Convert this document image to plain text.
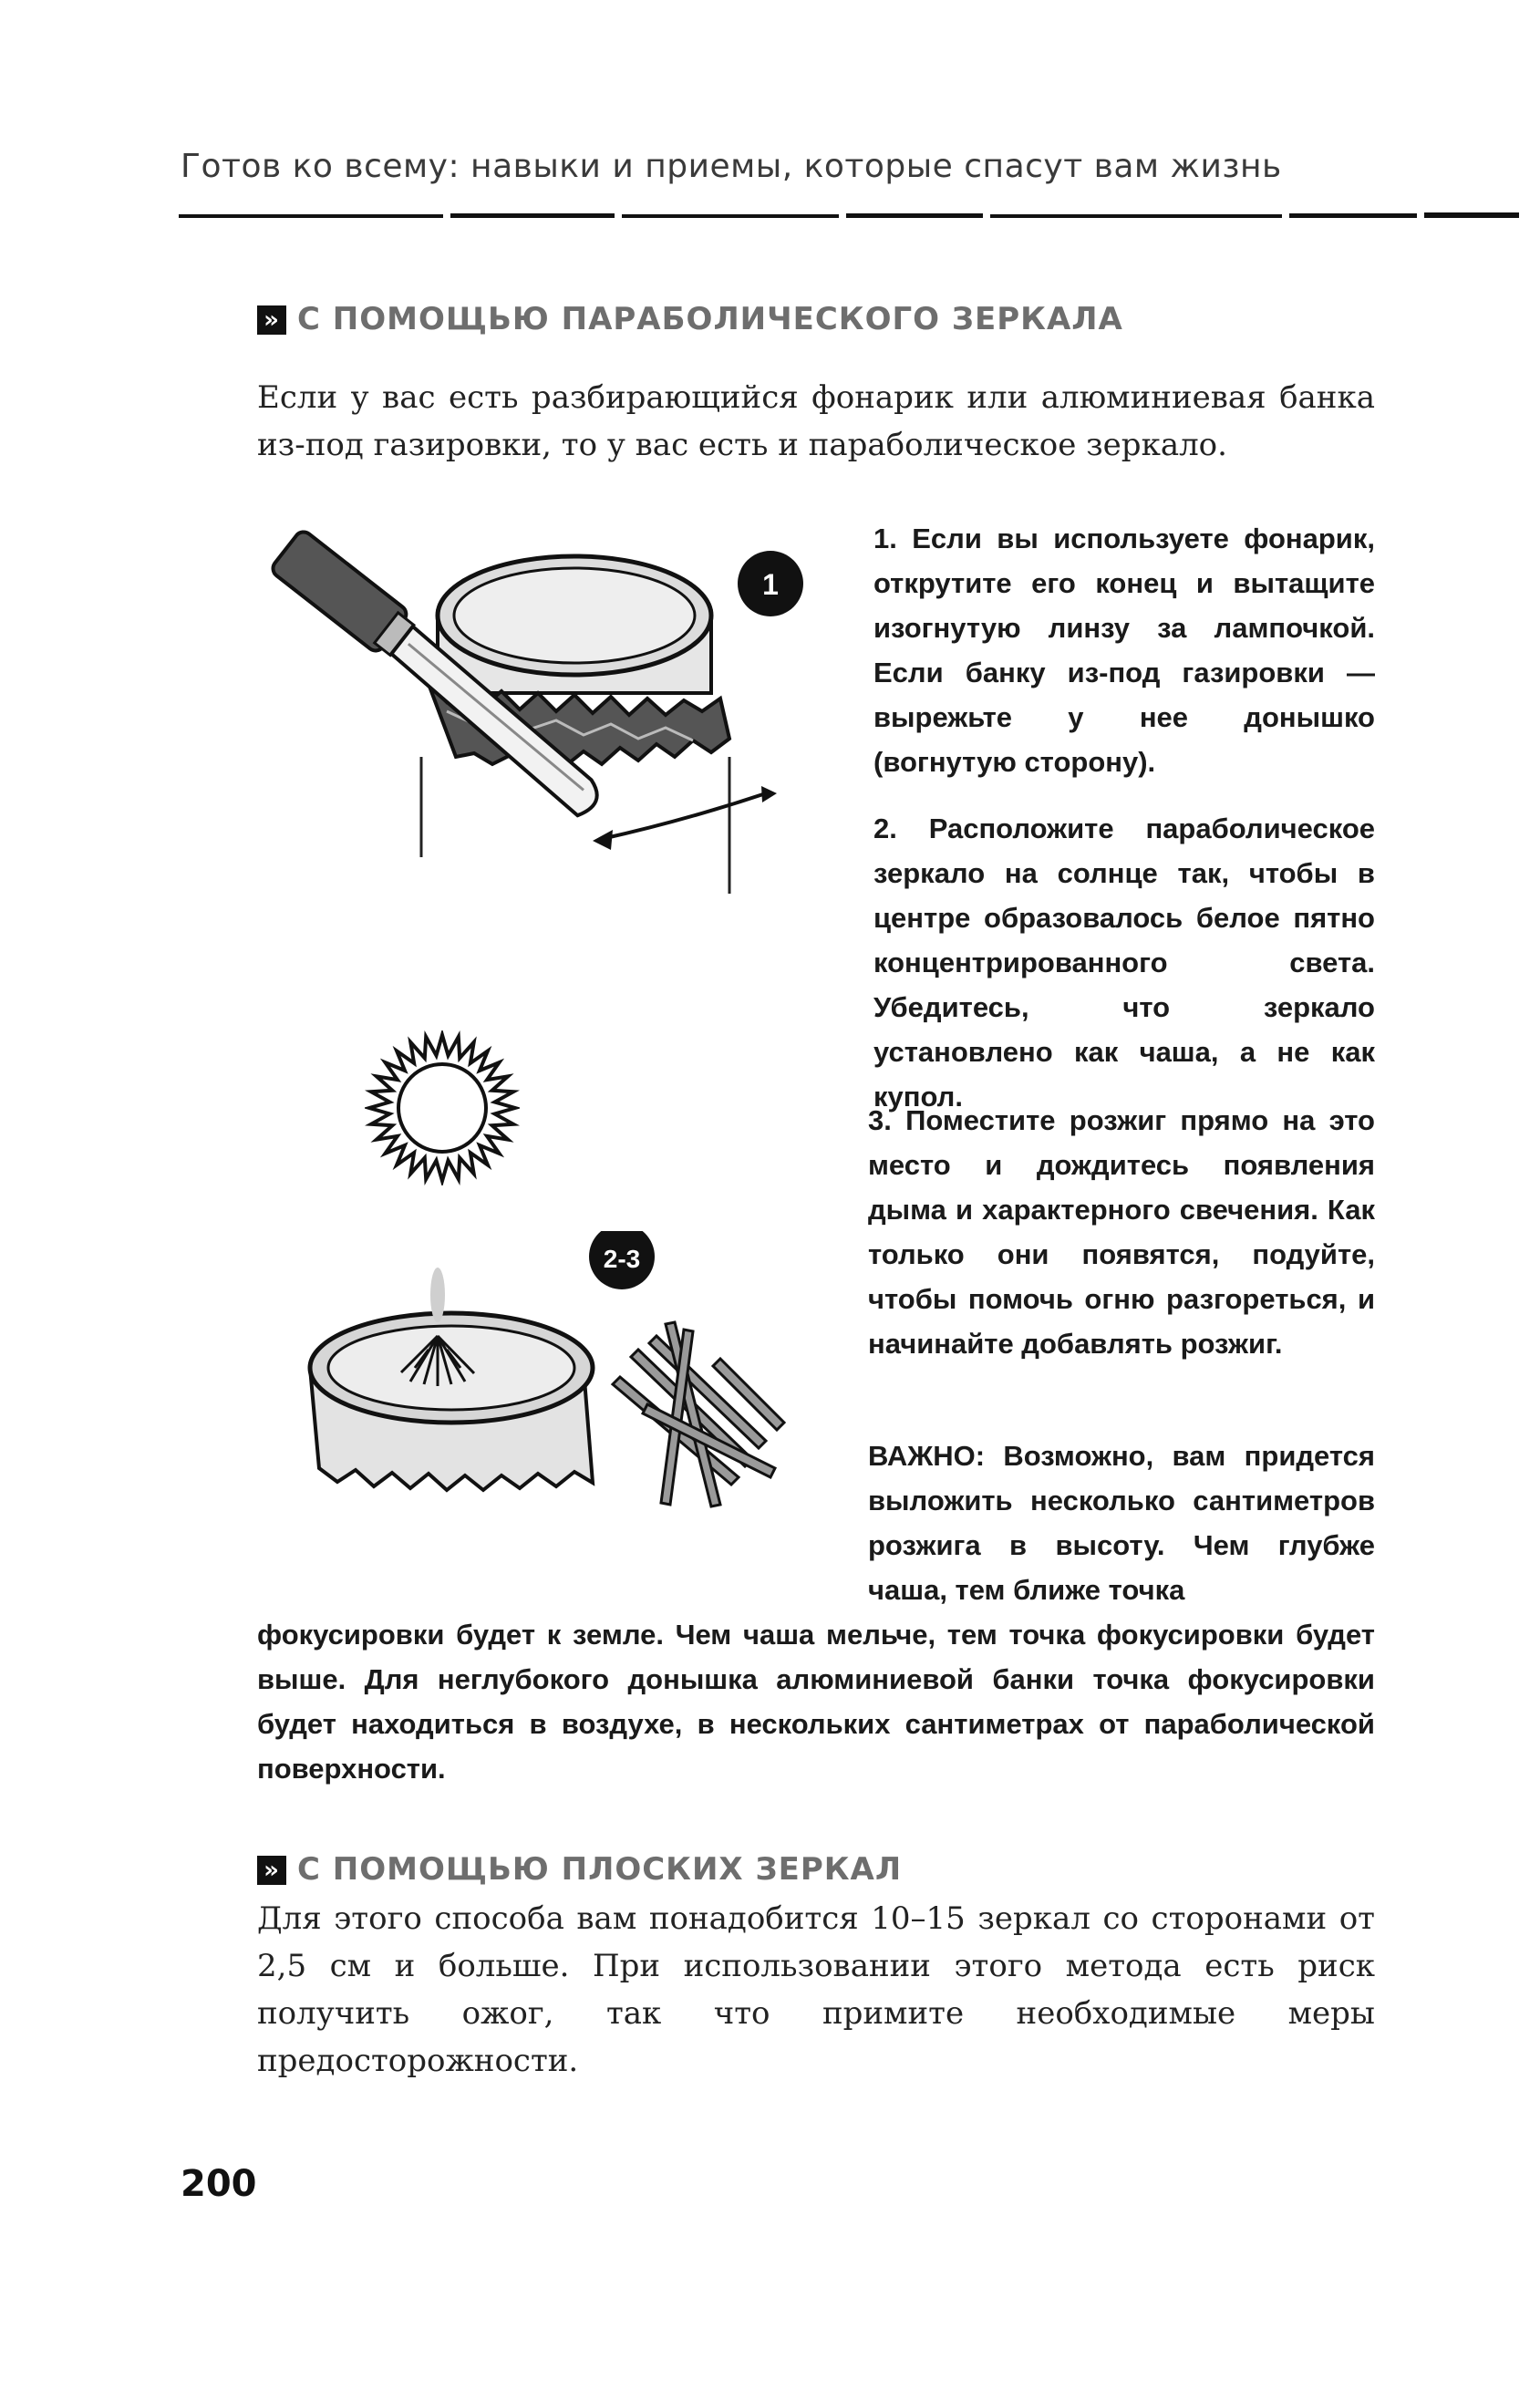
Готов ко всему: навыки и приемы, которые спасут вам жизнь
» С ПОМОЩЬЮ ПАРАБОЛИЧЕСКОГО ЗЕРКАЛА
Если у вас есть разбирающийся фонарик или алюминиевая банка из-под газировки, то у вас есть и параболическое зеркало.
1
2-3
1. Если вы используете фонарик, открутите его конец и вытащите изогнутую линзу за лампочкой. Если банку из-под газировки — вырежьте у нее донышко (вогнутую сторону).
2. Расположите параболическое зеркало на солнце так, чтобы в центре образовалось белое пятно концентрированного света. Убедитесь, что зеркало установлено как чаша, а не как купол.
3. Поместите розжиг прямо на это место и дождитесь появления дыма и характерного свечения. Как только они появятся, подуйте, чтобы помочь огню разгореться, и начинайте добавлять розжиг.
ВАЖНО: Возможно, вам придется выложить несколько сантиметров розжига в высоту. Чем глубже чаша, тем ближе точка
фокусировки будет к земле. Чем чаша мельче, тем точка фокусировки будет выше. Для неглубокого донышка алюминиевой банки точка фокусировки будет находиться в воздухе, в нескольких сантиметрах от параболической поверхности.
» С ПОМОЩЬЮ ПЛОСКИХ ЗЕРКАЛ
Для этого способа вам понадобится 10–15 зеркал со сторонами от 2,5 см и больше. При использовании этого метода есть риск получить ожог, так что примите необходимые меры предосторожности.
200
